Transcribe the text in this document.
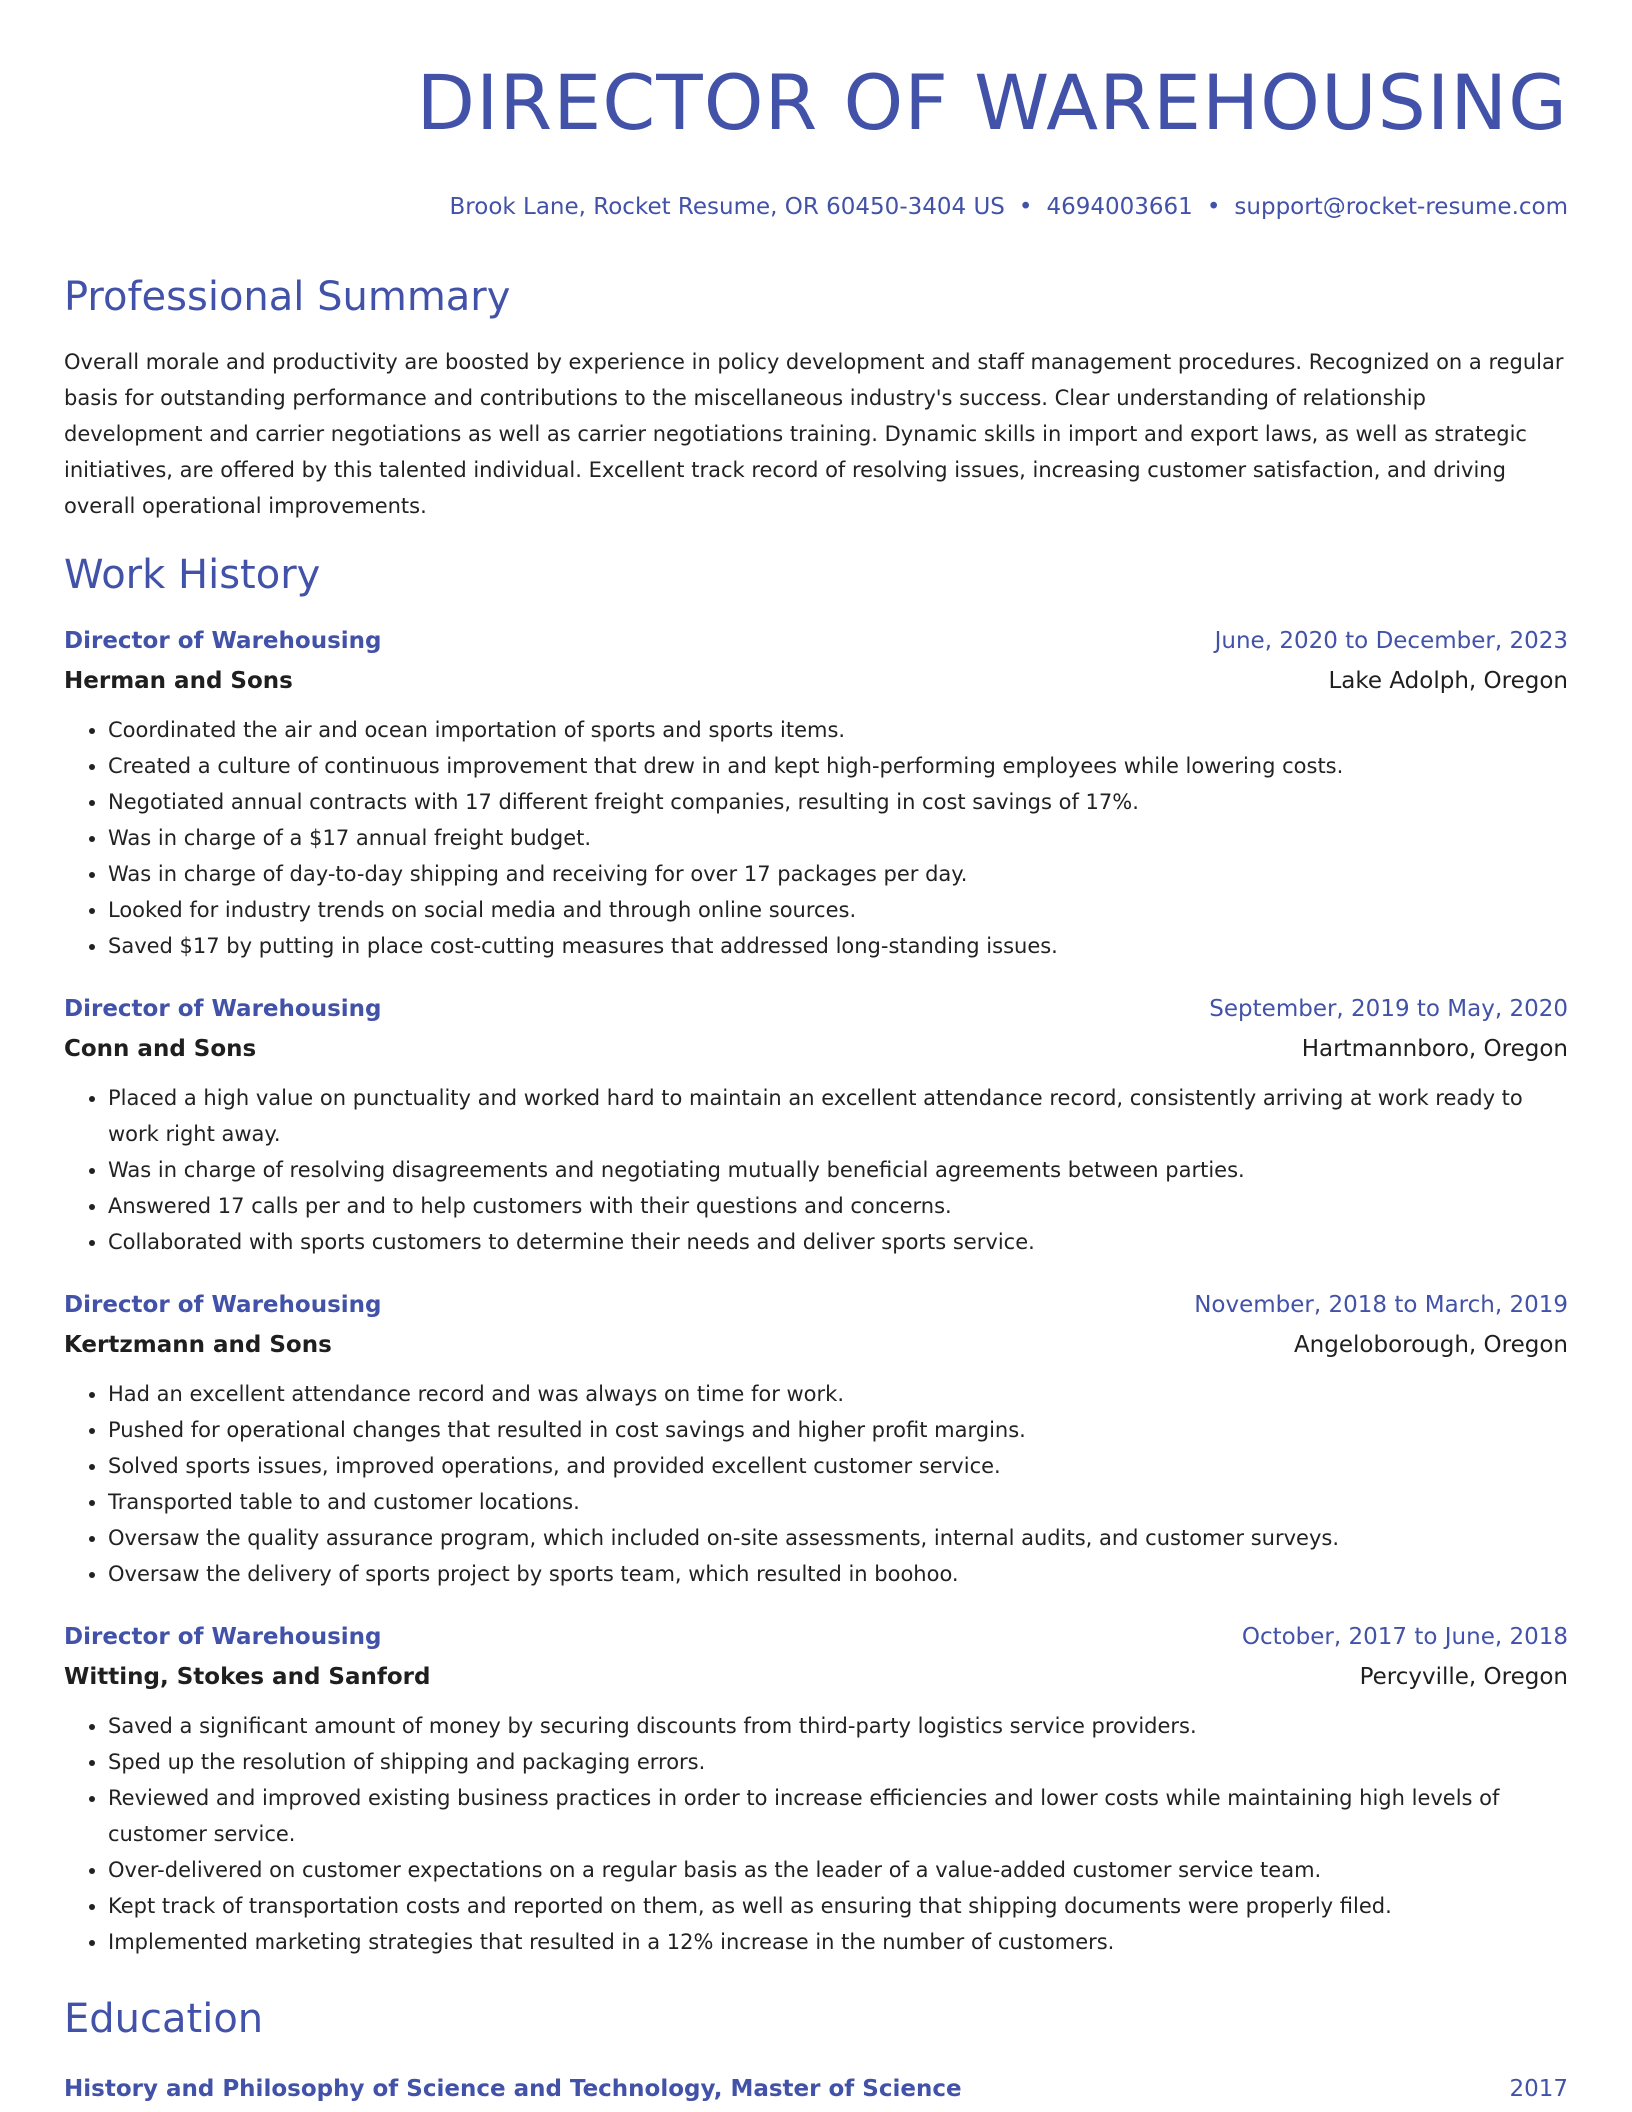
DIRECTOR OF WAREHOUSING
Brook Lane, Rocket Resume, OR 60450-3404 US • 4694003661 • support@rocket-resume.com
Professional Summary
Overall morale and productivity are boosted by experience in policy development and staff management procedures. Recognized on a regular basis for outstanding performance and contributions to the miscellaneous industry's success. Clear understanding of relationship development and carrier negotiations as well as carrier negotiations training. Dynamic skills in import and export laws, as well as strategic initiatives, are offered by this talented individual. Excellent track record of resolving issues, increasing customer satisfaction, and driving overall operational improvements.
Work History
Director of Warehousing	June, 2020 to December, 2023
Herman and Sons	Lake Adolph, Oregon
• Coordinated the air and ocean importation of sports and sports items.
• Created a culture of continuous improvement that drew in and kept high-performing employees while lowering costs.
• Negotiated annual contracts with 17 different freight companies, resulting in cost savings of 17%.
• Was in charge of a $17 annual freight budget.
• Was in charge of day-to-day shipping and receiving for over 17 packages per day.
• Looked for industry trends on social media and through online sources.
• Saved $17 by putting in place cost-cutting measures that addressed long-standing issues.
Director of Warehousing	September, 2019 to May, 2020
Conn and Sons	Hartmannboro, Oregon
• Placed a high value on punctuality and worked hard to maintain an excellent attendance record, consistently arriving at work ready to work right away.
• Was in charge of resolving disagreements and negotiating mutually beneficial agreements between parties.
• Answered 17 calls per and to help customers with their questions and concerns.
• Collaborated with sports customers to determine their needs and deliver sports service.
Director of Warehousing	November, 2018 to March, 2019
Kertzmann and Sons	Angeloborough, Oregon
• Had an excellent attendance record and was always on time for work.
• Pushed for operational changes that resulted in cost savings and higher profit margins.
• Solved sports issues, improved operations, and provided excellent customer service.
• Transported table to and customer locations.
• Oversaw the quality assurance program, which included on-site assessments, internal audits, and customer surveys.
• Oversaw the delivery of sports project by sports team, which resulted in boohoo.
Director of Warehousing	October, 2017 to June, 2018
Witting, Stokes and Sanford	Percyville, Oregon
• Saved a significant amount of money by securing discounts from third-party logistics service providers.
• Sped up the resolution of shipping and packaging errors.
• Reviewed and improved existing business practices in order to increase efficiencies and lower costs while maintaining high levels of customer service.
• Over-delivered on customer expectations on a regular basis as the leader of a value-added customer service team.
• Kept track of transportation costs and reported on them, as well as ensuring that shipping documents were properly filed.
• Implemented marketing strategies that resulted in a 12% increase in the number of customers.
Education
History and Philosophy of Science and Technology, Master of Science	2017
